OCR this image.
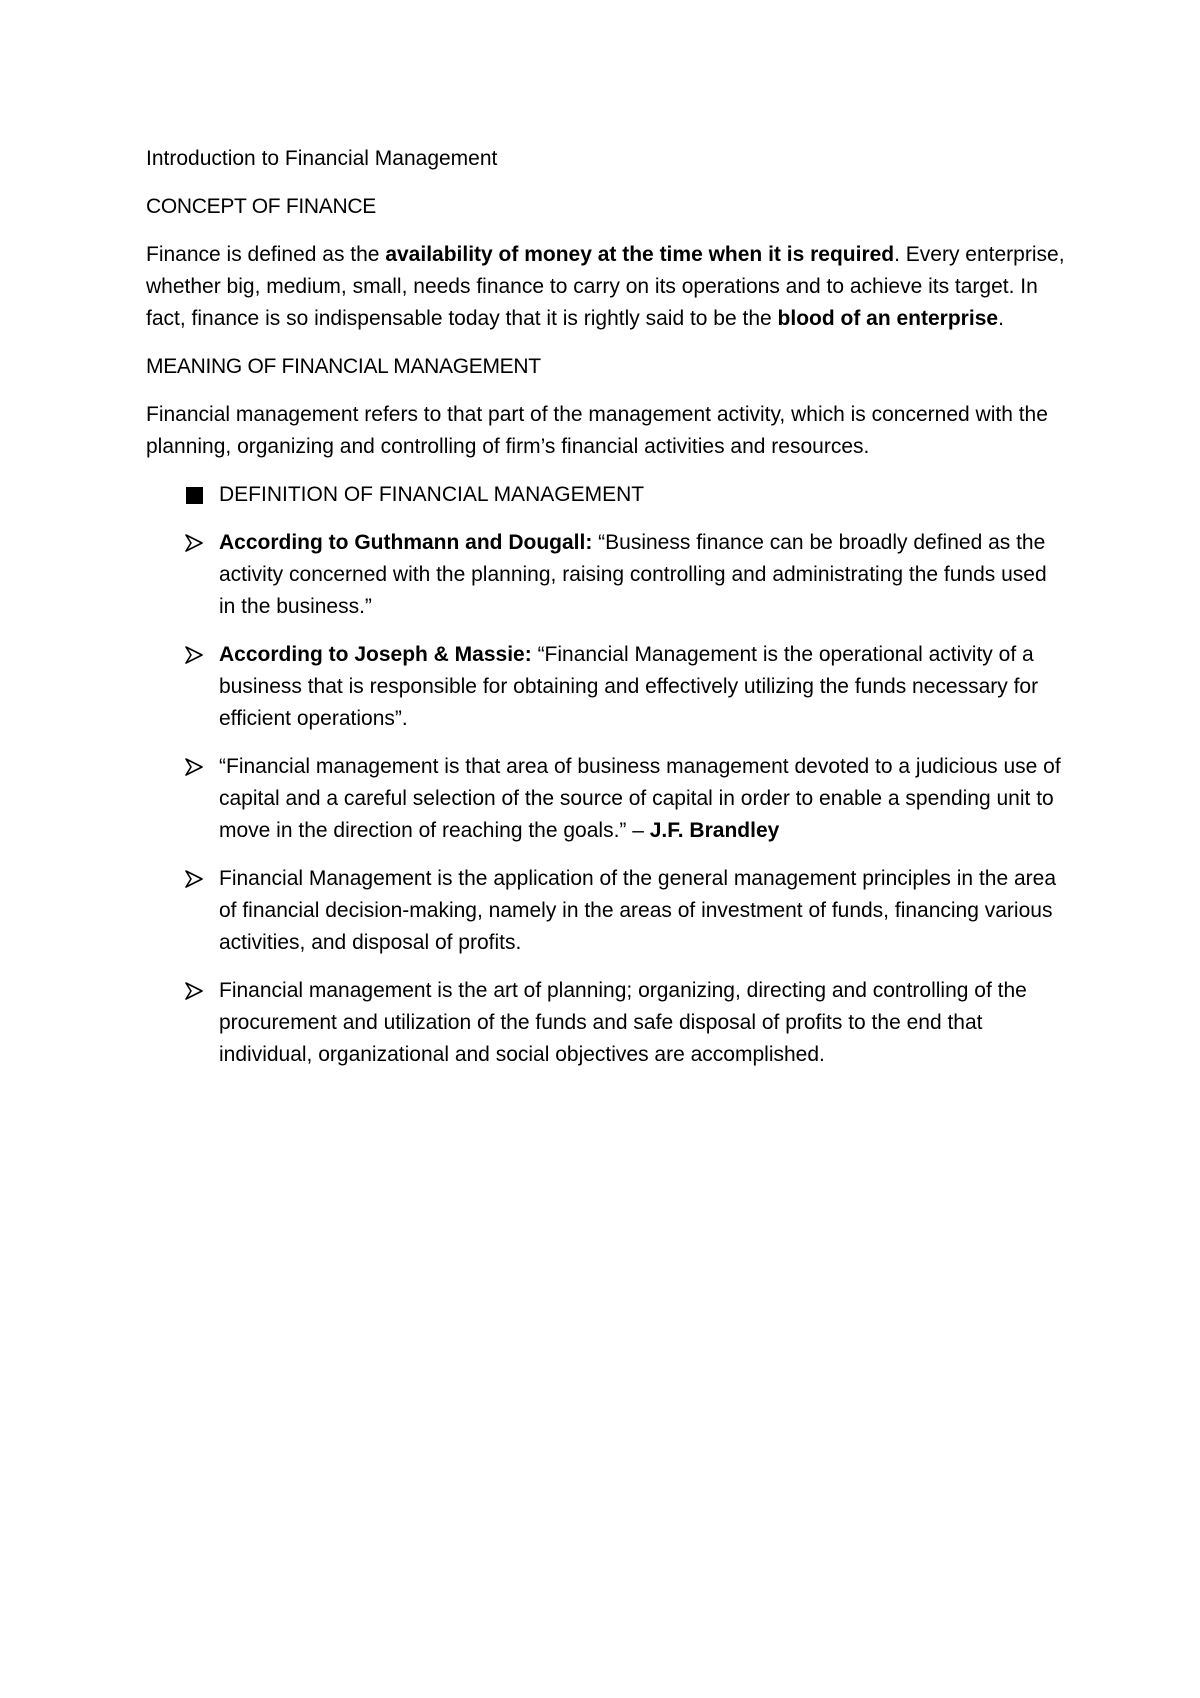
Introduction to Financial Management

CONCEPT OF FINANCE

Finance is defined as the availability of money at the time when it is required. Every enterprise, whether big, medium, small, needs finance to carry on its operations and to achieve its target. In fact, finance is so indispensable today that it is rightly said to be the blood of an enterprise.

MEANING OF FINANCIAL MANAGEMENT

Financial management refers to that part of the management activity, which is concerned with the planning, organizing and controlling of firm’s financial activities and resources.

DEFINITION OF FINANCIAL MANAGEMENT
According to Guthmann and Dougall: “Business finance can be broadly defined as the activity concerned with the planning, raising controlling and administrating the funds used in the business.”
According to Joseph & Massie: “Financial Management is the operational activity of a business that is responsible for obtaining and effectively utilizing the funds necessary for efficient operations”.
“Financial management is that area of business management devoted to a judicious use of capital and a careful selection of the source of capital in order to enable a spending unit to move in the direction of reaching the goals.” – J.F. Brandley
Financial Management is the application of the general management principles in the area of financial decision-making, namely in the areas of investment of funds, financing various activities, and disposal of profits.
Financial management is the art of planning; organizing, directing and controlling of the procurement and utilization of the funds and safe disposal of profits to the end that individual, organizational and social objectives are accomplished.
